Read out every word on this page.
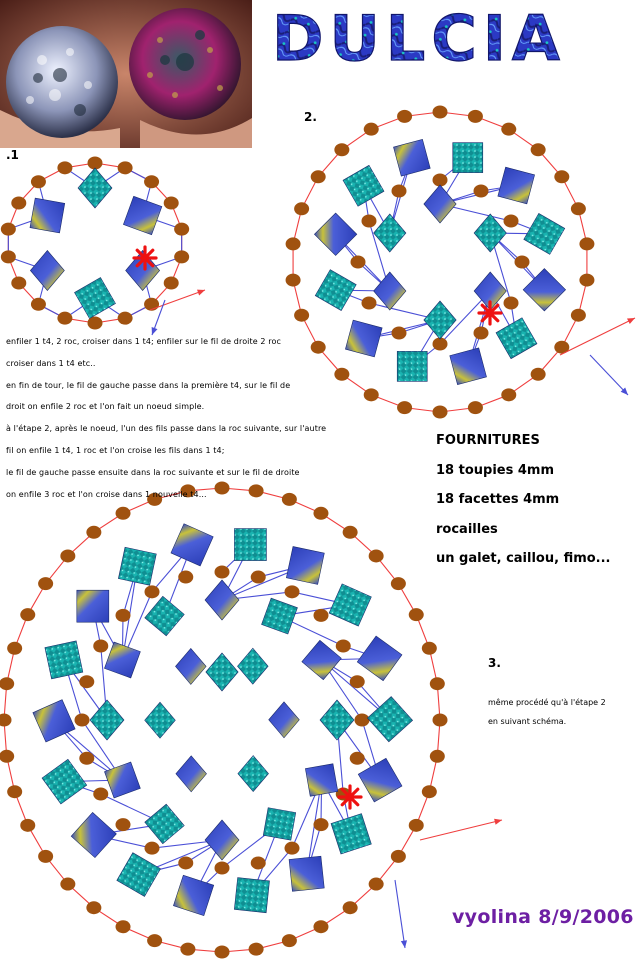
DULCIA
.1
2.
3.
enfiler 1 t4, 2 roc, croiser dans 1 t4; enfiler sur le fil de droite 2 roc
croiser dans 1 t4 etc..
en fin de tour, le fil de gauche passe dans la première t4, sur le fil de
droit on enfile 2 roc et l'on fait un noeud simple.
à l'étape 2, après le noeud, l'un des fils passe dans la roc suivante, sur l'autre
fil on enfile 1 t4, 1 roc et l'on croise les fils dans 1 t4;
le fil de gauche passe ensuite dans la roc suivante et sur le fil de droite
on enfile 3 roc et l'on croise dans 1 nouvelle t4...
FOURNITURES
18 toupies 4mm
18 facettes 4mm
rocailles
un galet, caillou, fimo...
même procédé qu'à l'étape 2
en suivant schéma.
vyolina 8/9/2006
